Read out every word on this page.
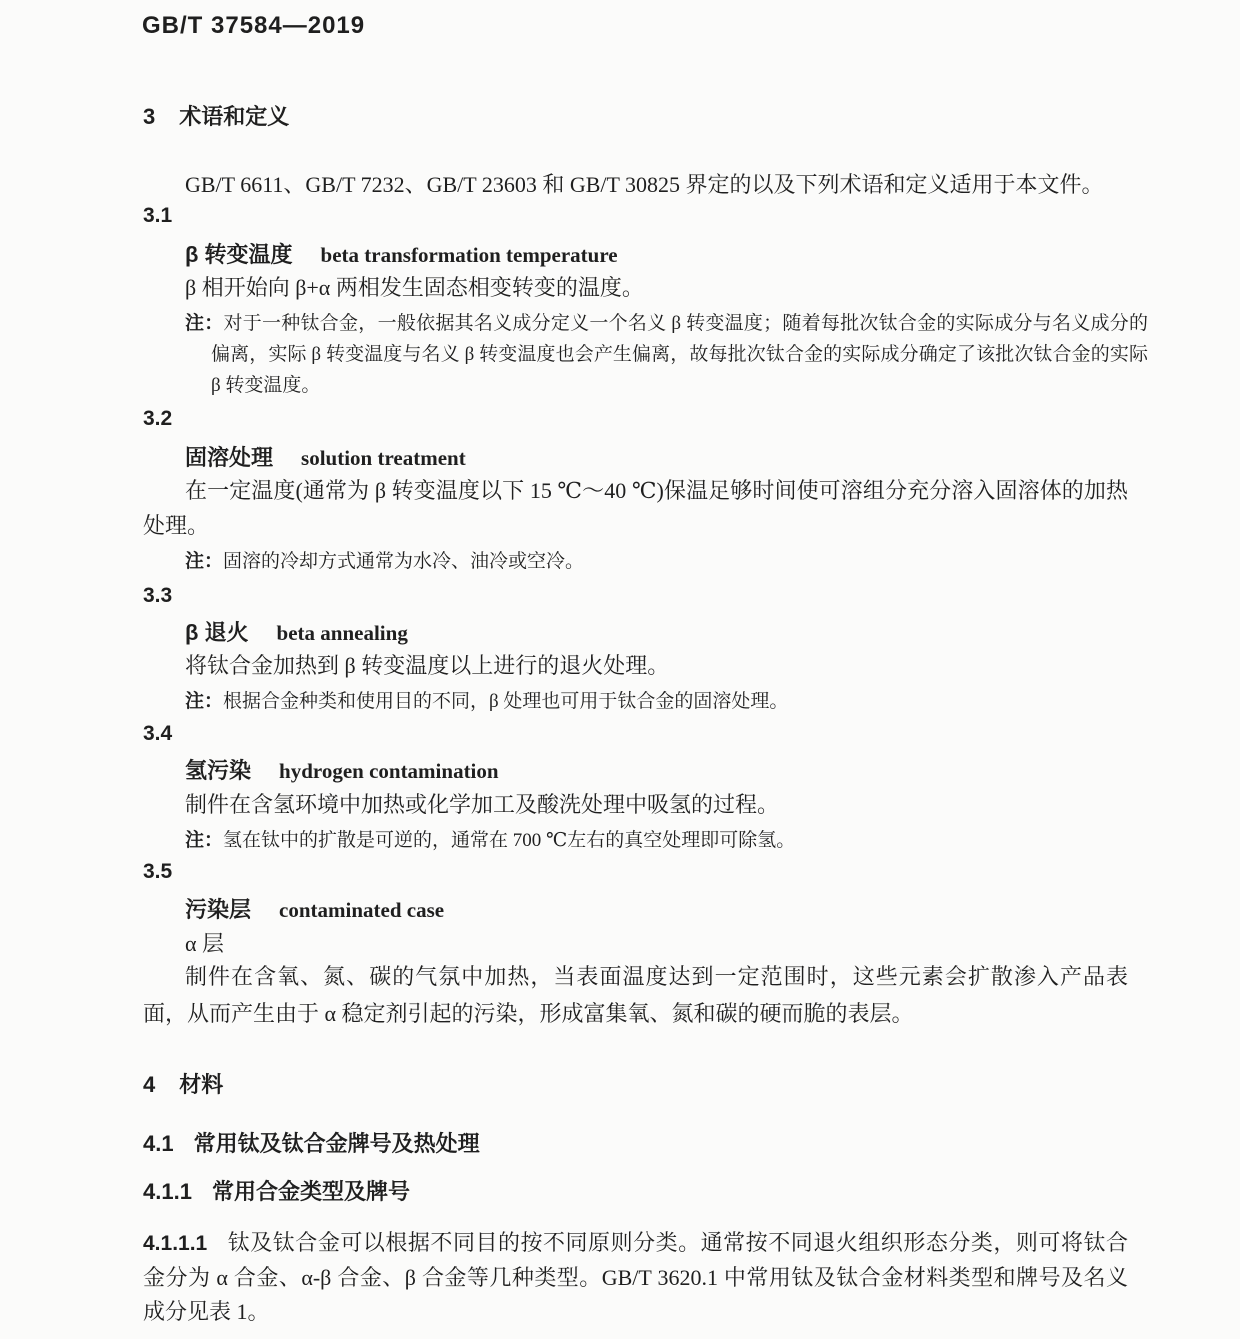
GB/T 37584—2019

3 术语和定义

GB/T 6611、GB/T 7232、GB/T 23603 和 GB/T 30825 界定的以及下列术语和定义适用于本文件。

3.1

β 转变温度 beta transformation temperature

β 相开始向 β+α 两相发生固态相变转变的温度。

注：对于一种钛合金，一般依据其名义成分定义一个名义 β 转变温度；随着每批次钛合金的实际成分与名义成分的偏离，实际 β 转变温度与名义 β 转变温度也会产生偏离，故每批次钛合金的实际成分确定了该批次钛合金的实际 β 转变温度。

3.2

固溶处理 solution treatment

在一定温度(通常为 β 转变温度以下 15 ℃～40 ℃)保温足够时间使可溶组分充分溶入固溶体的加热处理。

注：固溶的冷却方式通常为水冷、油冷或空冷。

3.3

β 退火 beta annealing

将钛合金加热到 β 转变温度以上进行的退火处理。

注：根据合金种类和使用目的不同，β 处理也可用于钛合金的固溶处理。

3.4

氢污染 hydrogen contamination

制件在含氢环境中加热或化学加工及酸洗处理中吸氢的过程。

注：氢在钛中的扩散是可逆的，通常在 700 ℃左右的真空处理即可除氢。

3.5

污染层 contaminated case

α 层

制件在含氧、氮、碳的气氛中加热，当表面温度达到一定范围时，这些元素会扩散渗入产品表面，从而产生由于 α 稳定剂引起的污染，形成富集氧、氮和碳的硬而脆的表层。

4 材料

4.1 常用钛及钛合金牌号及热处理

4.1.1 常用合金类型及牌号

4.1.1.1 钛及钛合金可以根据不同目的按不同原则分类。通常按不同退火组织形态分类，则可将钛合金分为 α 合金、α-β 合金、β 合金等几种类型。GB/T 3620.1 中常用钛及钛合金材料类型和牌号及名义成分见表 1。
